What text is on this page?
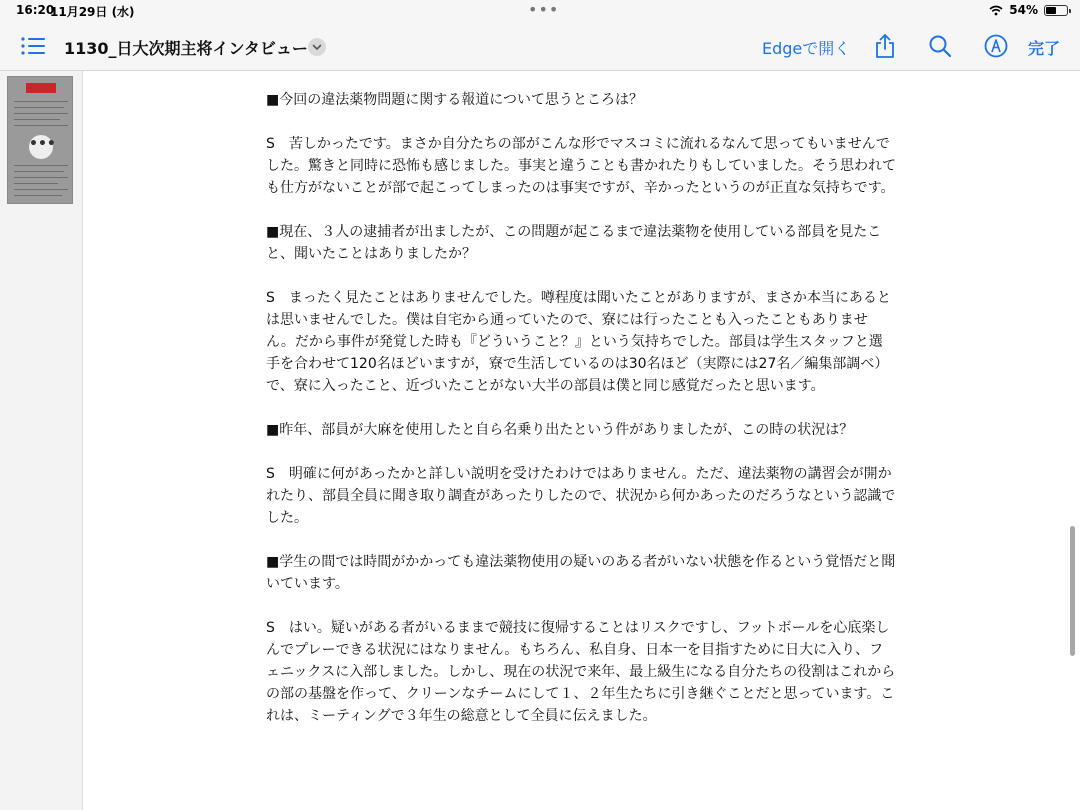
16:20
11月29日 (水)	•••	54%
1130_日大次期主将インタビュー	Edgeで開く	完了
•••

■今回の違法薬物問題に関する報道について思うところは？

S　苦しかったです。まさか自分たちの部がこんな形でマスコミに流れるなんて思ってもいませんでした。驚きと同時に恐怖も感じました。事実と違うことも書かれたりもしていました。そう思われても仕方がないことが部で起こってしまったのは事実ですが、辛かったというのが正直な気持ちです。

■現在、３人の逮捕者が出ましたが、この問題が起こるまで違法薬物を使用している部員を見たこと、聞いたことはありましたか？

S　まったく見たことはありませんでした。噂程度は聞いたことがありますが、まさか本当にあるとは思いませんでした。僕は自宅から通っていたので、寮には行ったことも入ったこともありません。だから事件が発覚した時も『どういうこと？』という気持ちでした。部員は学生スタッフと選手を合わせて120名ほどいますが，寮で生活しているのは30名ほど（実際には27名／編集部調べ）で、寮に入ったこと、近づいたことがない大半の部員は僕と同じ感覚だったと思います。

■昨年、部員が大麻を使用したと自ら名乗り出たという件がありましたが、この時の状況は？

S　明確に何があったかと詳しい説明を受けたわけではありません。ただ、違法薬物の講習会が開かれたり、部員全員に聞き取り調査があったりしたので、状況から何かあったのだろうなという認識でした。

■学生の間では時間がかかっても違法薬物使用の疑いのある者がいない状態を作るという覚悟だと聞いています。

S　はい。疑いがある者がいるままで競技に復帰することはリスクですし、フットボールを心底楽しんでプレーできる状況にはなりません。もちろん、私自身、日本一を目指すために日大に入り、フェニックスに入部しました。しかし、現在の状況で来年、最上級生になる自分たちの役割はこれからの部の基盤を作って、クリーンなチームにして１、２年生たちに引き継ぐことだと思っています。これは、ミーティングで３年生の総意として全員に伝えました。
